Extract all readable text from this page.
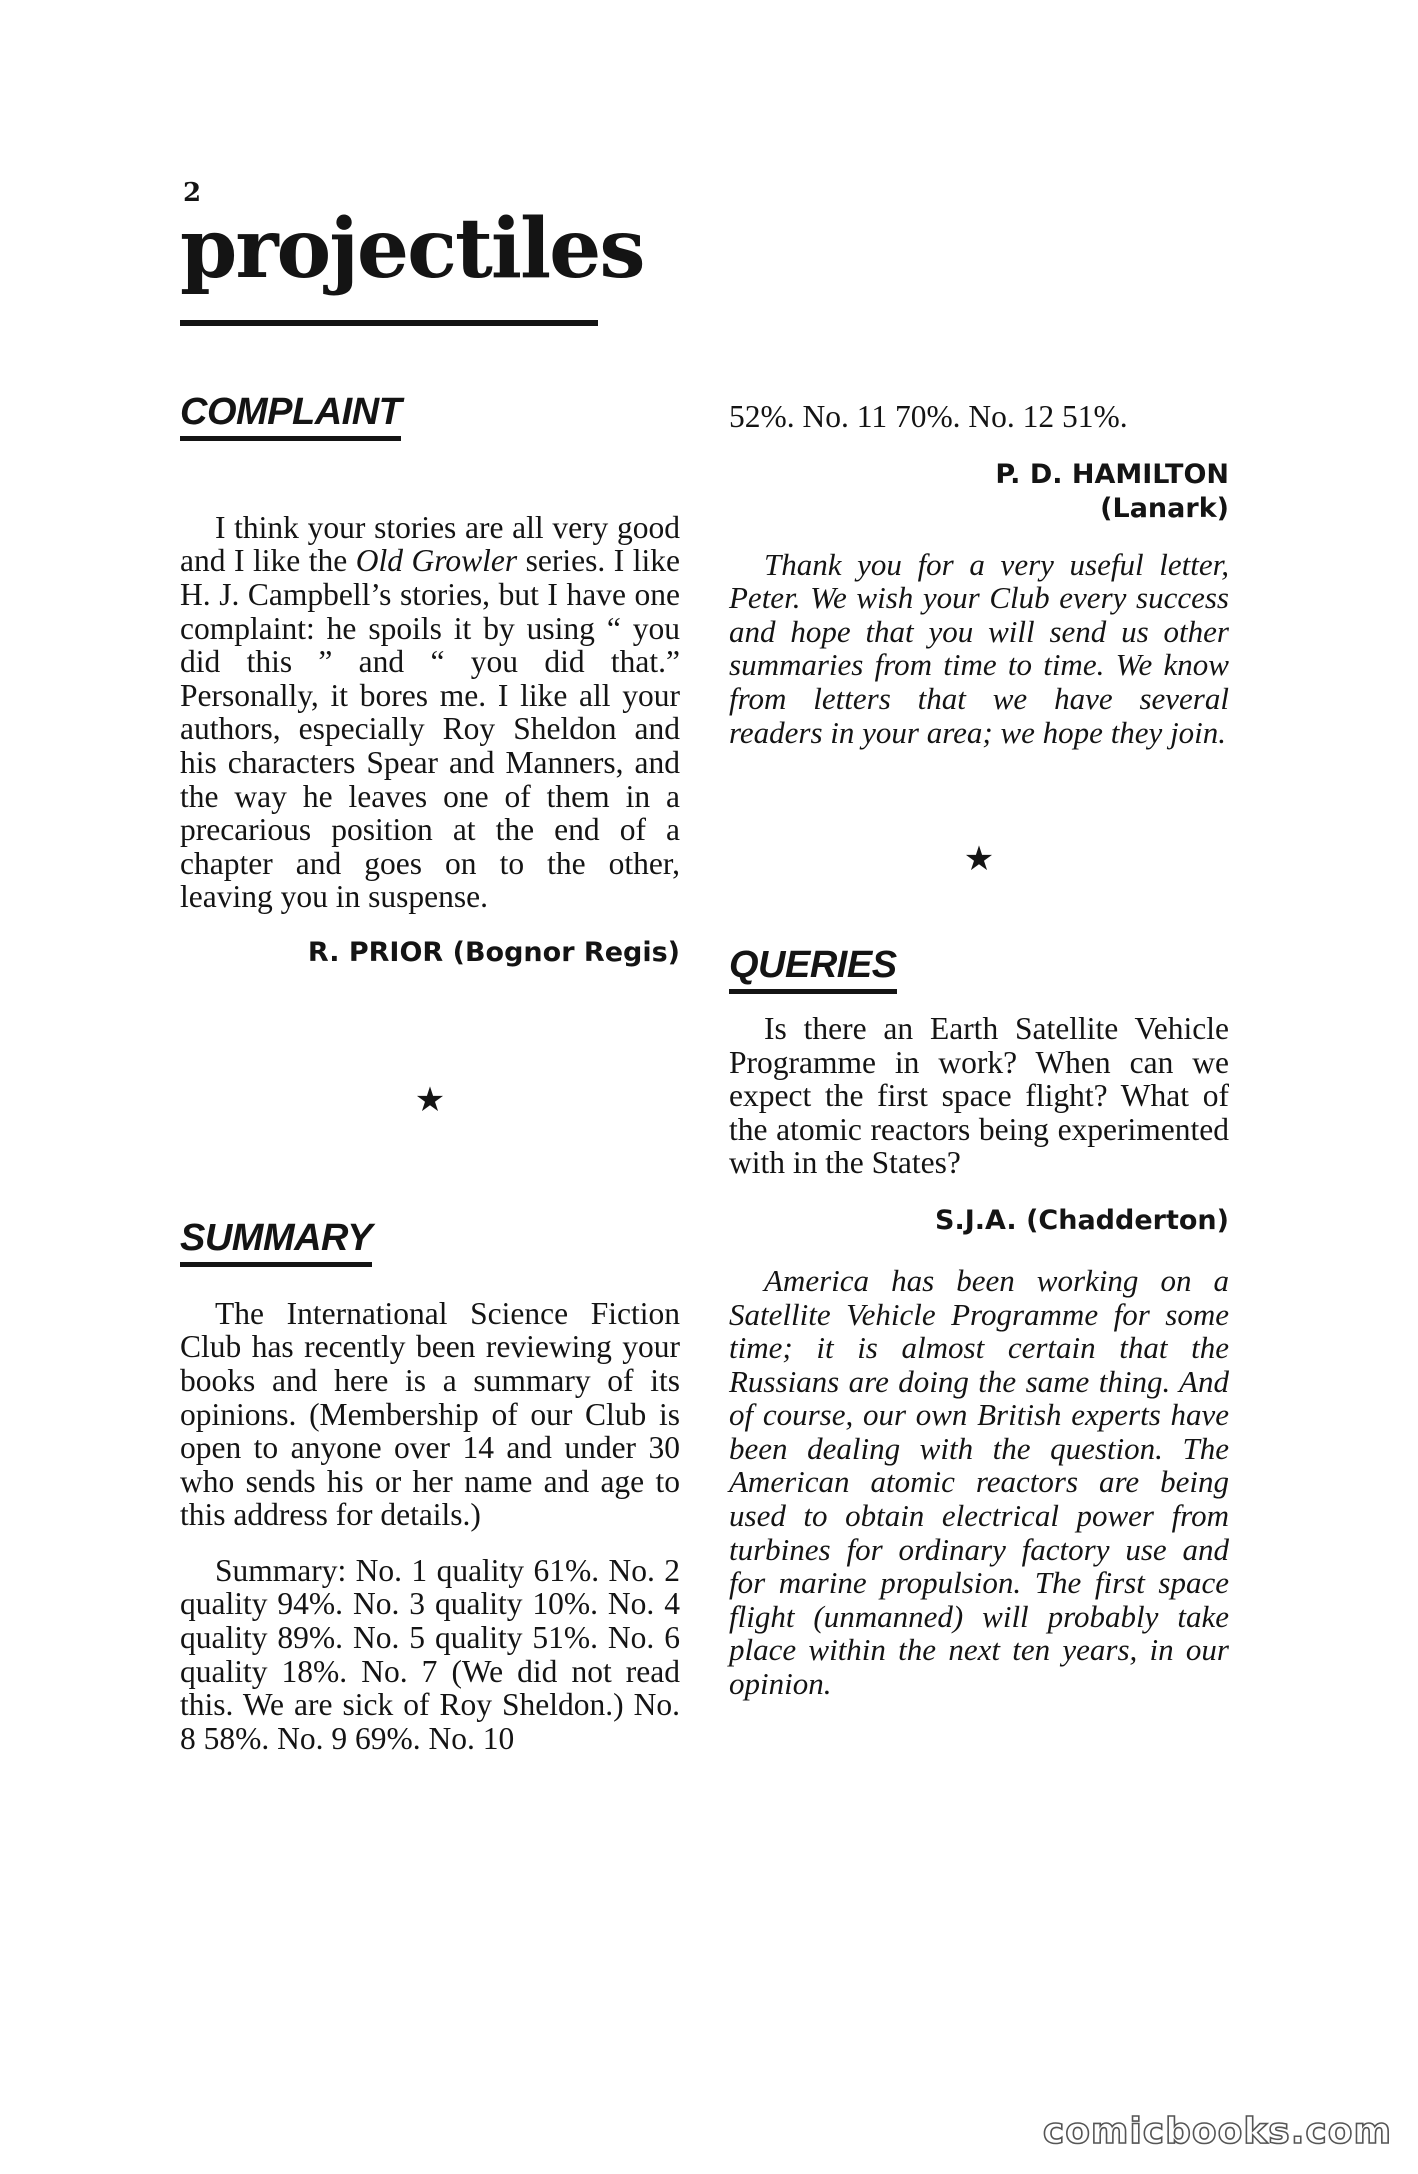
2
projectiles
COMPLAINT

I think your stories are all very good and I like the Old Growler series. I like H. J. Campbell’s stories, but I have one complaint: he spoils it by using “ you did this ” and “ you did that.” Personally, it bores me. I like all your authors, especially Roy Sheldon and his characters Spear and Manners, and the way he leaves one of them in a precarious position at the end of a chapter and goes on to the other, leaving you in suspense.

R. PRIOR (Bognor Regis)

★

SUMMARY

The International Science Fiction Club has recently been reviewing your books and here is a summary of its opinions. (Membership of our Club is open to anyone over 14 and under 30 who sends his or her name and age to this address for details.)

Summary: No. 1 quality 61%. No. 2 quality 94%. No. 3 quality 10%. No. 4 quality 89%. No. 5 quality 51%. No. 6 quality 18%. No. 7 (We did not read this. We are sick of Roy Sheldon.) No. 8 58%. No. 9 69%. No. 10

52%. No. 11 70%. No. 12 51%.

P. D. HAMILTON

(Lanark)

Thank you for a very useful letter, Peter. We wish your Club every success and hope that you will send us other summaries from time to time. We know from letters that we have several readers in your area; we hope they join.

★

QUERIES

Is there an Earth Satellite Vehicle Programme in work? When can we expect the first space flight? What of the atomic reactors being experimented with in the States?

S.J.A. (Chadderton)

America has been working on a Satellite Vehicle Programme for some time; it is almost certain that the Russians are doing the same thing. And of course, our own British experts have been dealing with the question. The American atomic reactors are being used to obtain electrical power from turbines for ordinary factory use and for marine propulsion. The first space flight (unmanned) will probably take place within the next ten years, in our opinion.

comicbooks.com
